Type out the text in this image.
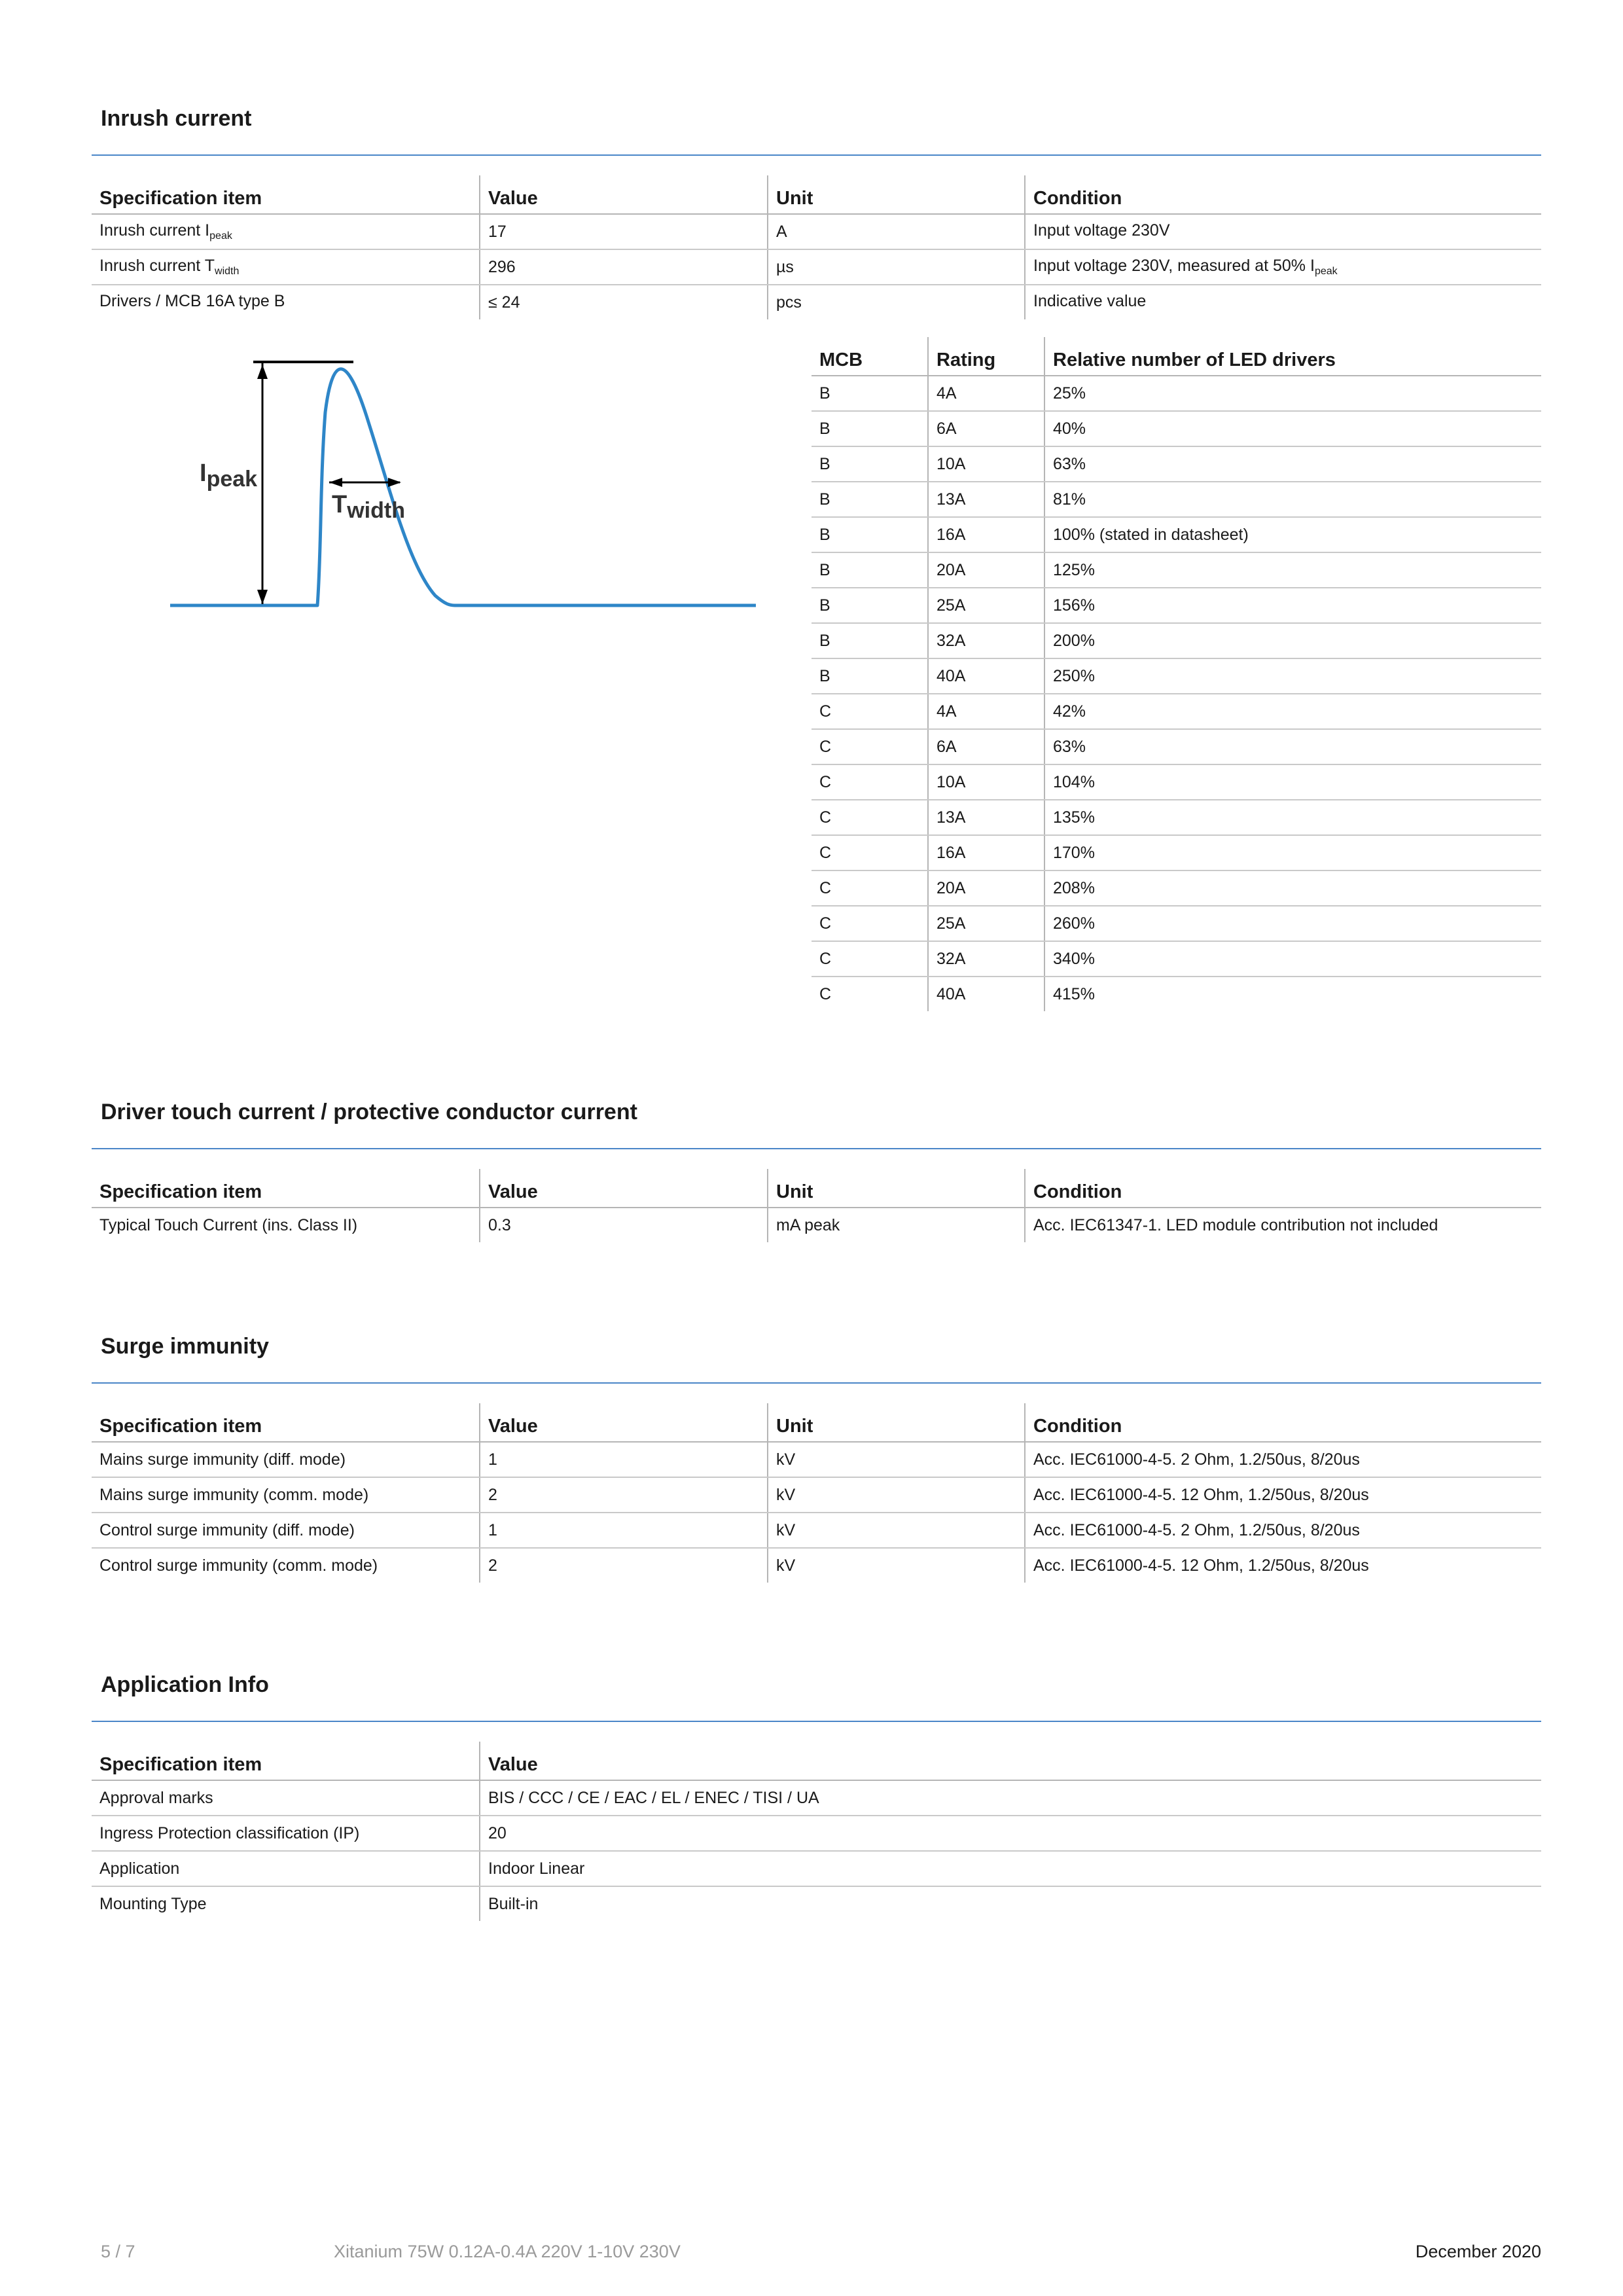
Inrush current
Specification item	Value	Unit	Condition
Inrush current $I_{peak}$	17	A	Input voltage 230V
Inrush current $T_{width}$	296	µs	Input voltage 230V, measured at 50% $I_{peak}$
Drivers / MCB 16A type B	≤ 24	pcs	Indicative value
Ipeak
Twidth
MCB	Rating	Relative number of LED drivers
B	4A	25%
B	6A	40%
B	10A	63%
B	13A	81%
B	16A	100% (stated in datasheet)
B	20A	125%
B	25A	156%
B	32A	200%
B	40A	250%
C	4A	42%
C	6A	63%
C	10A	104%
C	13A	135%
C	16A	170%
C	20A	208%
C	25A	260%
C	32A	340%
C	40A	415%
Driver touch current / protective conductor current
Specification item	Value	Unit	Condition
Typical Touch Current (ins. Class II)	0.3	mA peak	Acc. IEC61347-1. LED module contribution not included
Surge immunity
Specification item	Value	Unit	Condition
Mains surge immunity (diff. mode)	1	kV	Acc. IEC61000-4-5. 2 Ohm, 1.2/50us, 8/20us
Mains surge immunity (comm. mode)	2	kV	Acc. IEC61000-4-5. 12 Ohm, 1.2/50us, 8/20us
Control surge immunity (diff. mode)	1	kV	Acc. IEC61000-4-5. 2 Ohm, 1.2/50us, 8/20us
Control surge immunity (comm. mode)	2	kV	Acc. IEC61000-4-5. 12 Ohm, 1.2/50us, 8/20us
Application Info
Specification item	Value
Approval marks	BIS / CCC / CE / EAC / EL / ENEC / TISI / UA
Ingress Protection classification (IP)	20
Application	Indoor Linear
Mounting Type	Built-in
5 / 7	Xitanium 75W 0.12A-0.4A 220V 1-10V 230V	December 2020
